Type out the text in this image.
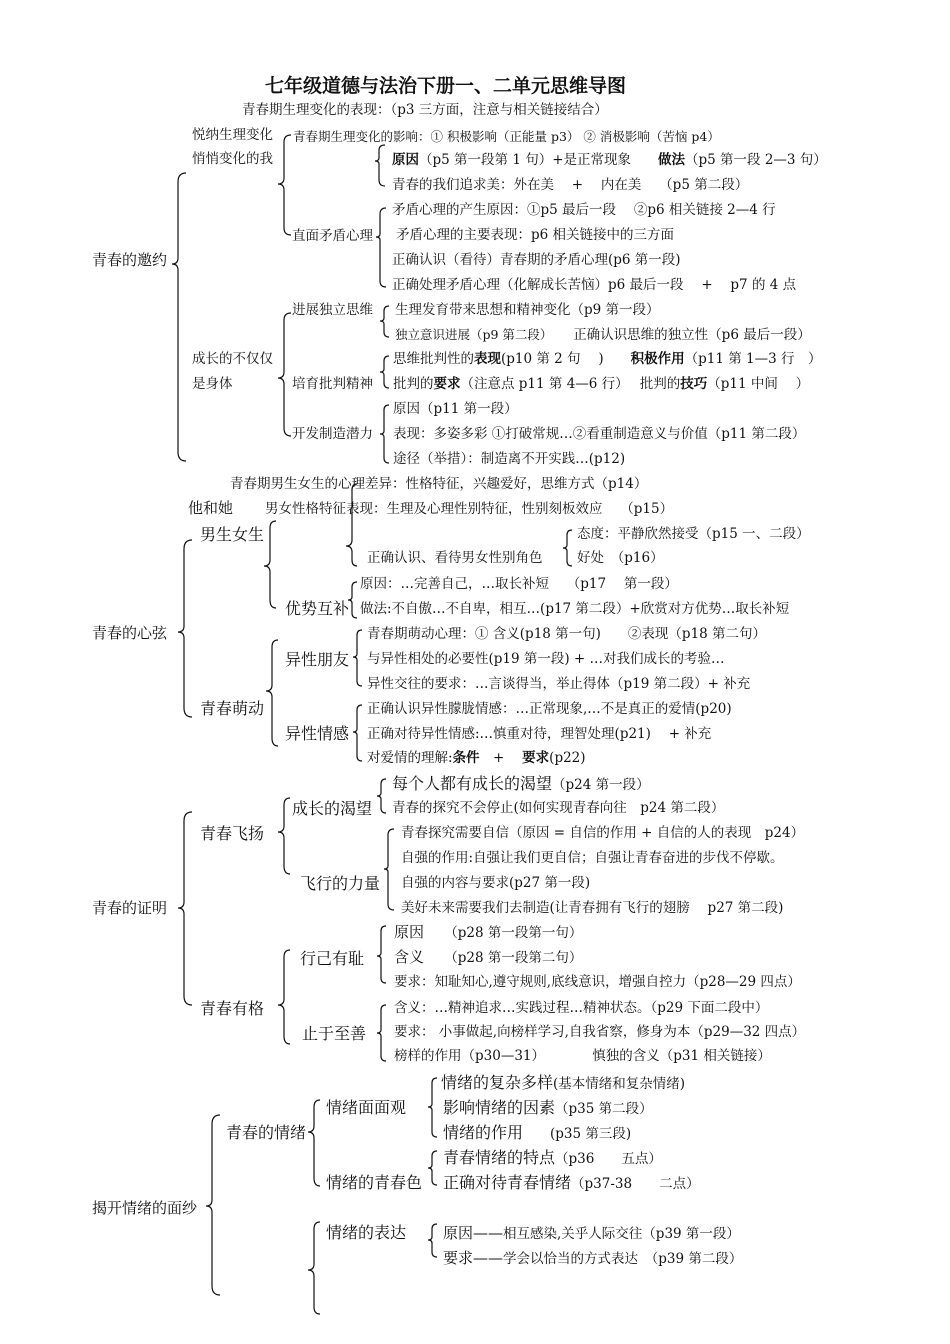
七年级道德与法治下册一、二单元思维导图
青春期生理变化的表现：（p3 三方面，注意与相关链接结合）
青春的邀约
悦纳生理变化
悄悄变化的我
青春期生理变化的影响：① 积极影响（正能量 p3） ② 消极影响（苦恼 p4）
原因（p5 第一段第 1 句）+是正常现象　　 做法（p5 第一段 2—3 句）
青春的我们追求美：外在美　 +　 内在美　 （p5 第二段）
直面矛盾心理
矛盾心理的产生原因：①p5 最后一段　 ②p6 相关链接 2—4 行
矛盾心理的主要表现：p6 相关链接中的三方面
正确认识（看待）青春期的矛盾心理(p6 第一段)
正确处理矛盾心理（化解成长苦恼）p6 最后一段　 +　 p7 的 4 点
成长的不仅仅
是身体
进展独立思维 生理发育带来思想和精神变化（p9 第一段）
独立意识进展（p9 第二段）　　 正确认识思维的独立性（p6 最后一段）
培育批判精神
思维批判性的表现(p10 第 2 句　 )　　积极作用（p11 第 1—3 行　）
批判的要求（注意点 p11 第 4—6 行）　 批判的技巧（p11 中间　 ）
开发制造潜力
原因（p11 第一段）
表现：多姿多彩 ①打破常规…②看重制造意义与价值（p11 第二段）
途径（举措）：制造离不开实践…(p12)
青春的心弦
青春期男生女生的心理差异：性格特征，兴趣爱好，思维方式（p14）
他和她 男女性格特征表现：生理及心理性别特征，性别刻板效应　 （p15）
男生女生
正确认识、看待男女性别角色
态度：平静欣然接受（p15 一、二段）
好处　（p16）
优势互补
原因：…完善自己，…取长补短　 （p17　 第一段）
做法:不自傲…不自卑，相互…(p17 第二段）+欣赏对方优势…取长补短
青春萌动
异性朋友
青春期萌动心理：① 含义(p18 第一句)　　②表现（p18 第二句）
与异性相处的必要性(p19 第一段) + …对我们成长的考验…
异性交往的要求：…言谈得当，举止得体（p19 第二段）+ 补充
异性情感
正确认识异性朦胧情感：…正常现象,…不是真正的爱情(p20)
正确对待异性情感:…慎重对待，理智处理(p21)　 + 补充
对爱情的理解:条件　+　 要求(p22)
青春的证明
青春飞扬
成长的渴望
每个人都有成长的渴望（p24 第一段）
青春的探究不会停止(如何实现青春向往　p24 第二段）
飞行的力量
青春探究需要自信（原因 = 自信的作用 + 自信的人的表现　p24）
自强的作用:自强让我们更自信；自强让青春奋进的步伐不停歇。
自强的内容与要求(p27 第一段)
美好未来需要我们去制造(让青春拥有飞行的翅膀　 p27 第二段)
青春有格
行己有耻
原因　　 （p28 第一段第一句）
含义　　 （p28 第一段第二句）
要求：知耻知心,遵守规则,底线意识，增强自控力（p28—29 四点）
止于至善
含义：…精神追求…实践过程…精神状态。（p29 下面二段中）
要求： 小事做起,向榜样学习,自我省察，修身为本（p29—32 四点）
榜样的作用（p30—31）　　　　慎独的含义（p31 相关链接）
揭开情绪的面纱
青春的情绪
情绪面面观
情绪的复杂多样(基本情绪和复杂情绪)
影响情绪的因素（p35 第二段）
情绪的作用　　 (p35 第三段)
情绪的青春色
青春情绪的特点（p36　　五点）
正确对待青春情绪（p37-38　　二点）
情绪的表达 原因——相互感染,关乎人际交往（p39 第一段）
要求——学会以恰当的方式表达　（p39 第二段）
